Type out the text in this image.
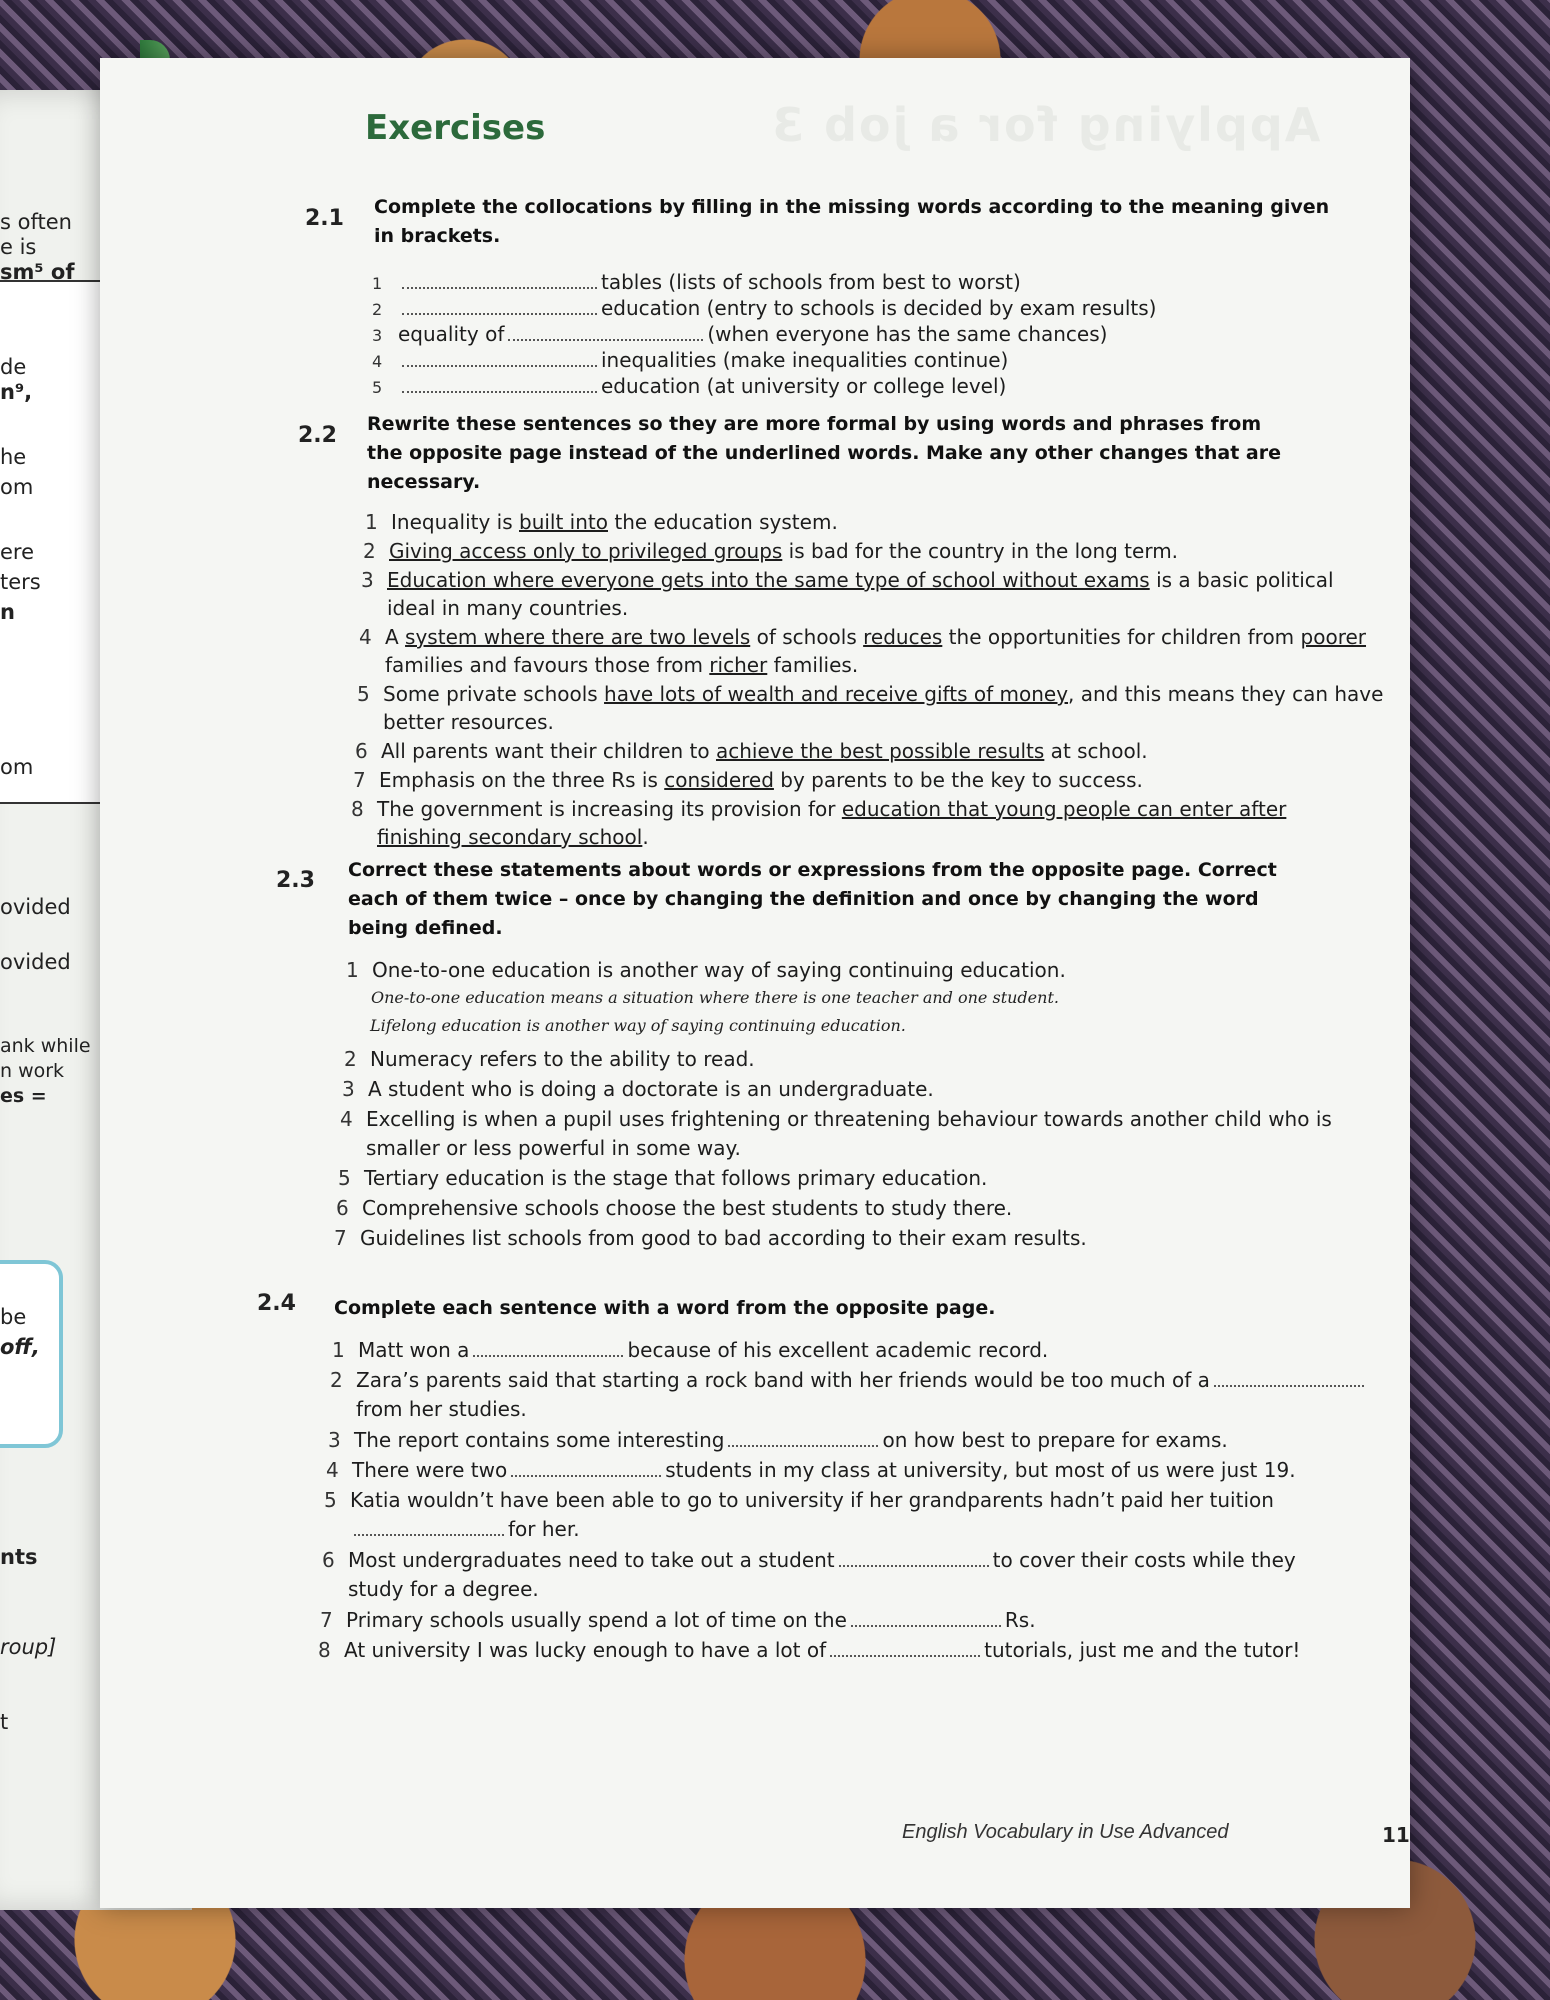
s often
e is
sm⁵ of
de
n⁹,
he
om
ere
ters
n
om
ovided
ovided
ank while
n work
es =
be
off,
nts
roup]
t
Applying for a job 3
Exercises
2.1 Complete the collocations by filling in the missing words according to the meaning given in brackets.
1	tables (lists of schools from best to worst)
2	education (entry to schools is decided by exam results)
3 equality of	(when everyone has the same chances)
4	inequalities (make inequalities continue)
5	education (at university or college level)
2.2 Rewrite these sentences so they are more formal by using words and phrases from the opposite page instead of the underlined words. Make any other changes that are necessary.
1 Inequality is built into the education system.
2 Giving access only to privileged groups is bad for the country in the long term.
3 Education where everyone gets into the same type of school without exams is a basic political
ideal in many countries.
4 A system where there are two levels of schools reduces the opportunities for children from poorer
families and favours those from richer families.
5 Some private schools have lots of wealth and receive gifts of money, and this means they can have
better resources.
6 All parents want their children to achieve the best possible results at school.
7 Emphasis on the three Rs is considered by parents to be the key to success.
8 The government is increasing its provision for education that young people can enter after
finishing secondary school.
2.3 Correct these statements about words or expressions from the opposite page. Correct each of them twice – once by changing the definition and once by changing the word being defined.
1 One-to-one education is another way of saying continuing education.
One-to-one education means a situation where there is one teacher and one student.
Lifelong education is another way of saying continuing education.
2 Numeracy refers to the ability to read.
3 A student who is doing a doctorate is an undergraduate.
4 Excelling is when a pupil uses frightening or threatening behaviour towards another child who is
smaller or less powerful in some way.
5 Tertiary education is the stage that follows primary education.
6 Comprehensive schools choose the best students to study there.
7 Guidelines list schools from good to bad according to their exam results.
2.4 Complete each sentence with a word from the opposite page.
1 Matt won a	because of his excellent academic record.
2 Zara’s parents said that starting a rock band with her friends would be too much of a
from her studies.
3 The report contains some interesting	on how best to prepare for exams.
4 There were two	students in my class at university, but most of us were just 19.
5 Katia wouldn’t have been able to go to university if her grandparents hadn’t paid her tuition
for her.
6 Most undergraduates need to take out a student	to cover their costs while they
study for a degree.
7 Primary schools usually spend a lot of time on the	Rs.
8 At university I was lucky enough to have a lot of	tutorials, just me and the tutor!
English Vocabulary in Use Advanced	11
